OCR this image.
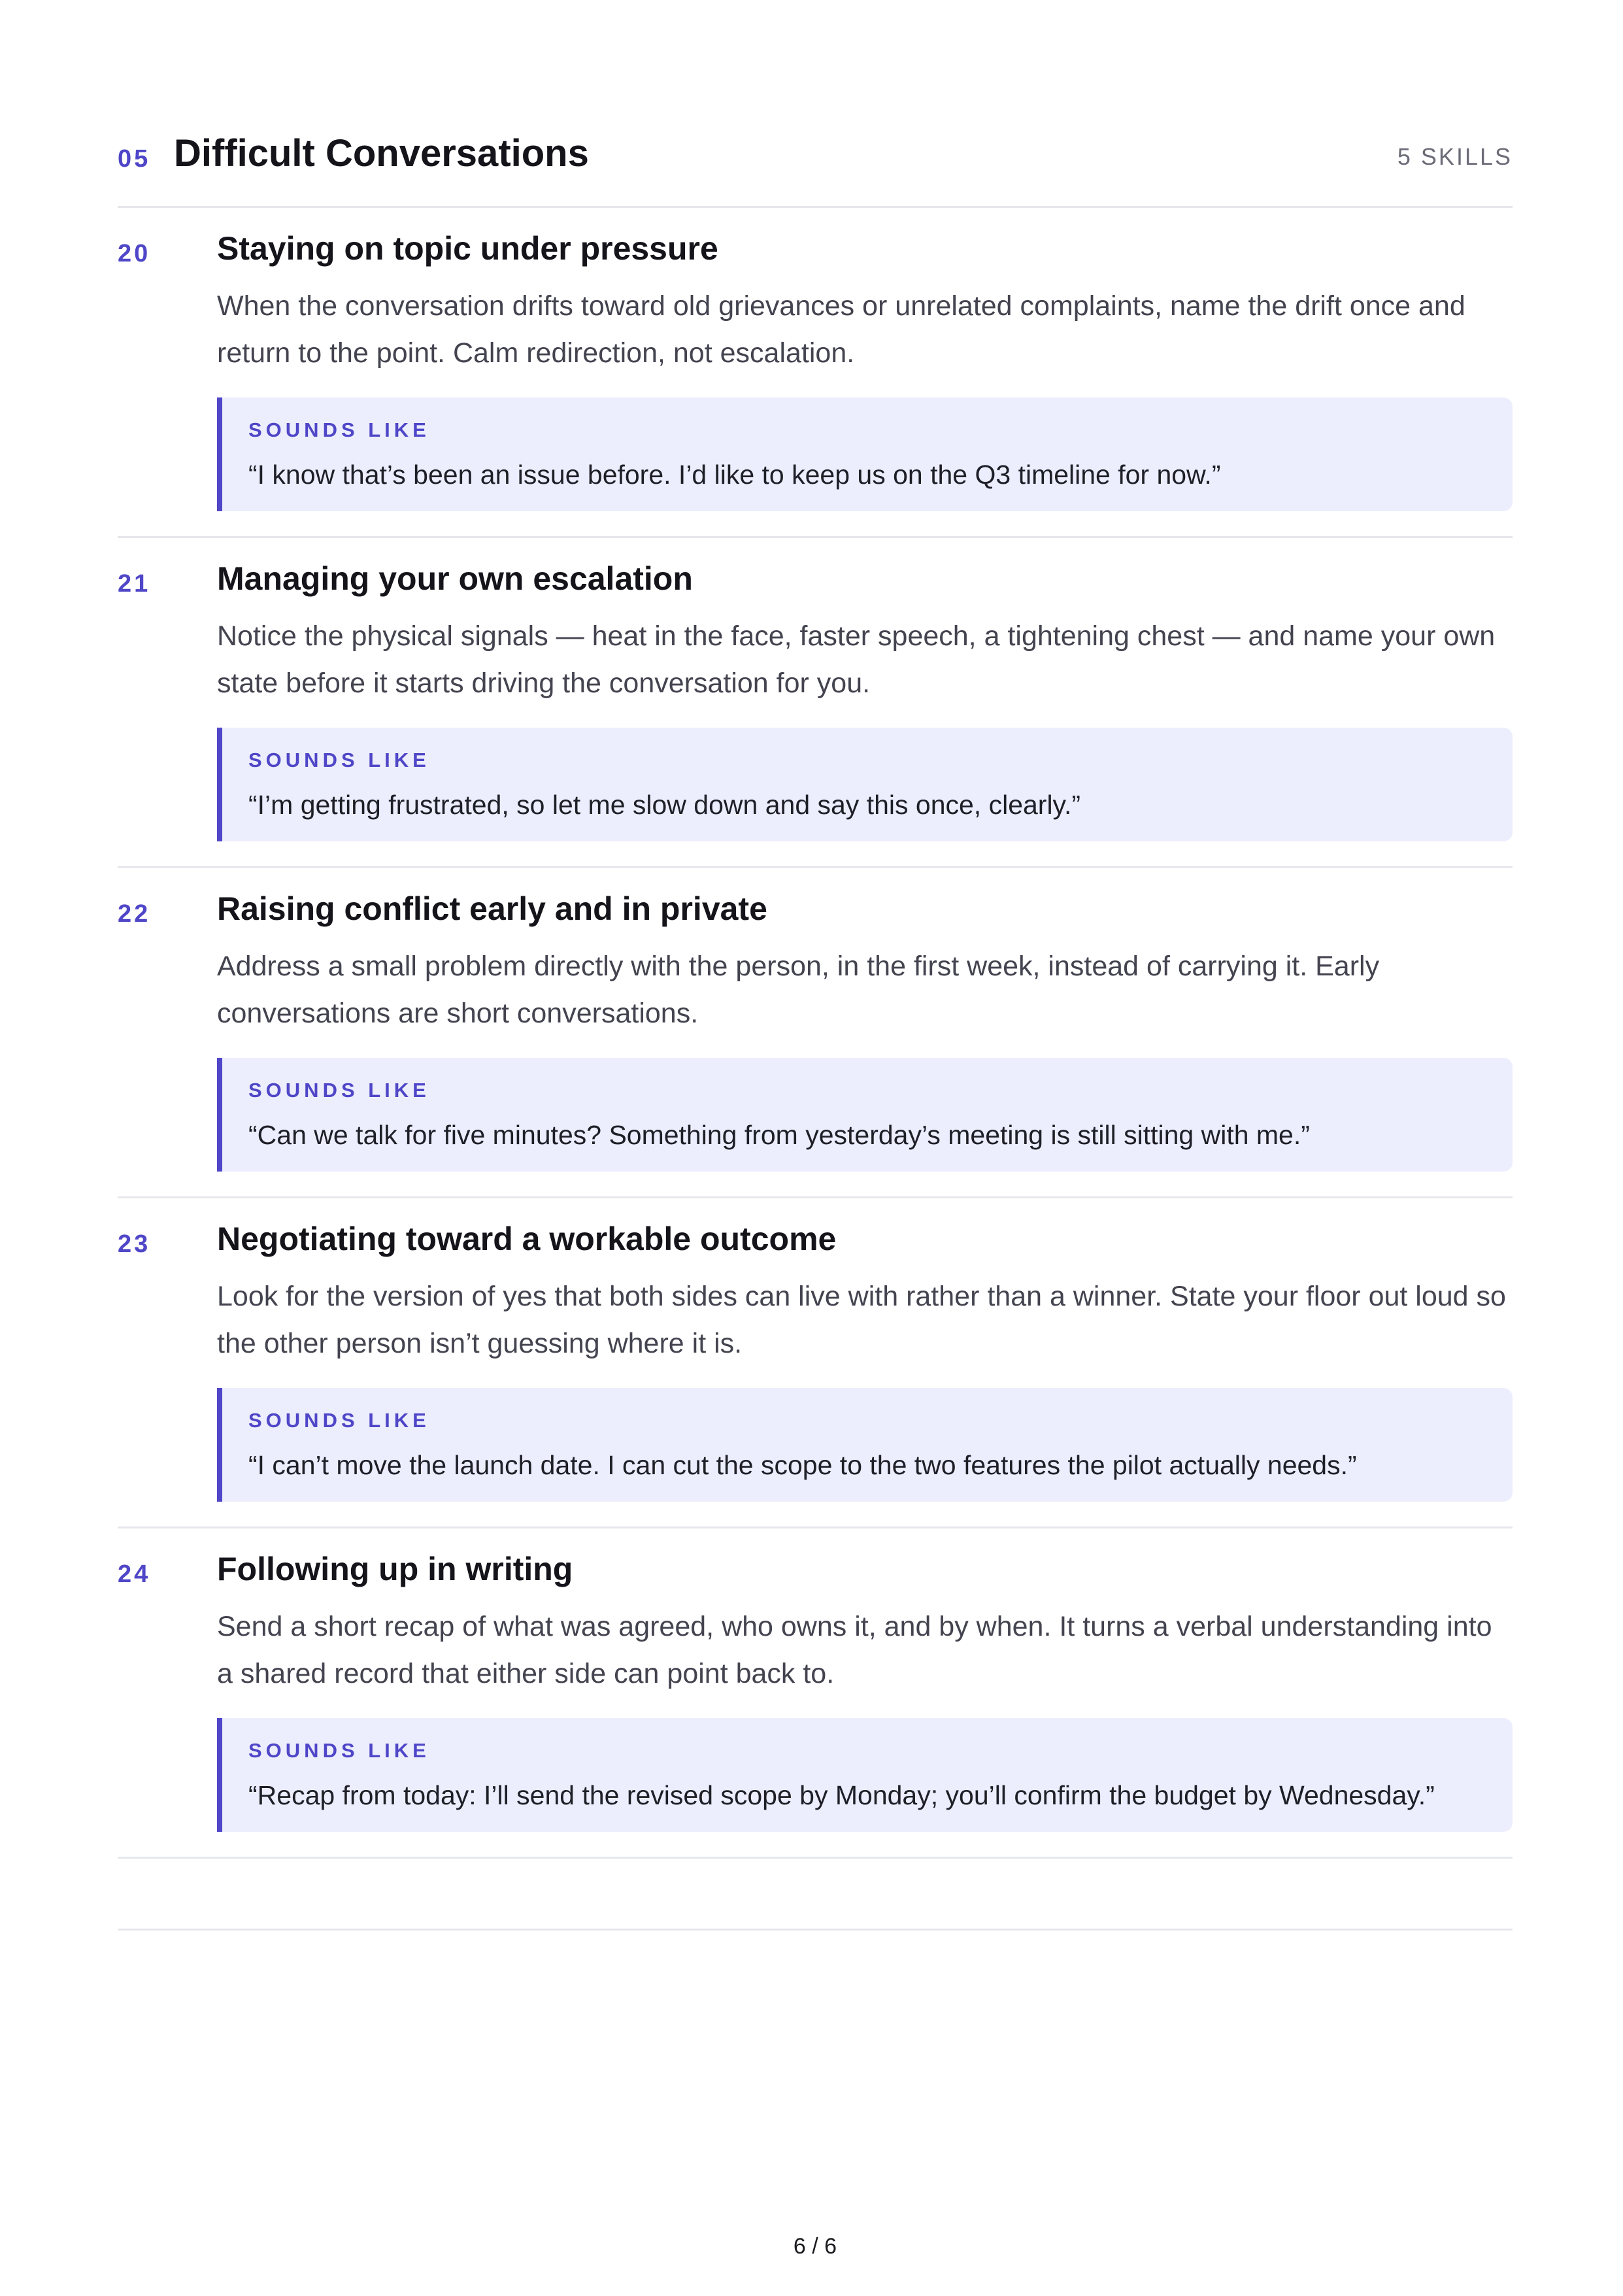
05 Difficult Conversations	5 SKILLS
20 Staying on topic under pressure
When the conversation drifts toward old grievances or unrelated complaints, name the drift once and return to the point. Calm redirection, not escalation.
SOUNDS LIKE
“I know that’s been an issue before. I’d like to keep us on the Q3 timeline for now.”
21 Managing your own escalation
Notice the physical signals — heat in the face, faster speech, a tightening chest — and name your own state before it starts driving the conversation for you.
SOUNDS LIKE
“I’m getting frustrated, so let me slow down and say this once, clearly.”
22 Raising conflict early and in private
Address a small problem directly with the person, in the first week, instead of carrying it. Early conversations are short conversations.
SOUNDS LIKE
“Can we talk for five minutes? Something from yesterday’s meeting is still sitting with me.”
23 Negotiating toward a workable outcome
Look for the version of yes that both sides can live with rather than a winner. State your floor out loud so the other person isn’t guessing where it is.
SOUNDS LIKE
“I can’t move the launch date. I can cut the scope to the two features the pilot actually needs.”
24 Following up in writing
Send a short recap of what was agreed, who owns it, and by when. It turns a verbal understanding into a shared record that either side can point back to.
SOUNDS LIKE
“Recap from today: I’ll send the revised scope by Monday; you’ll confirm the budget by Wednesday.”
6 / 6
